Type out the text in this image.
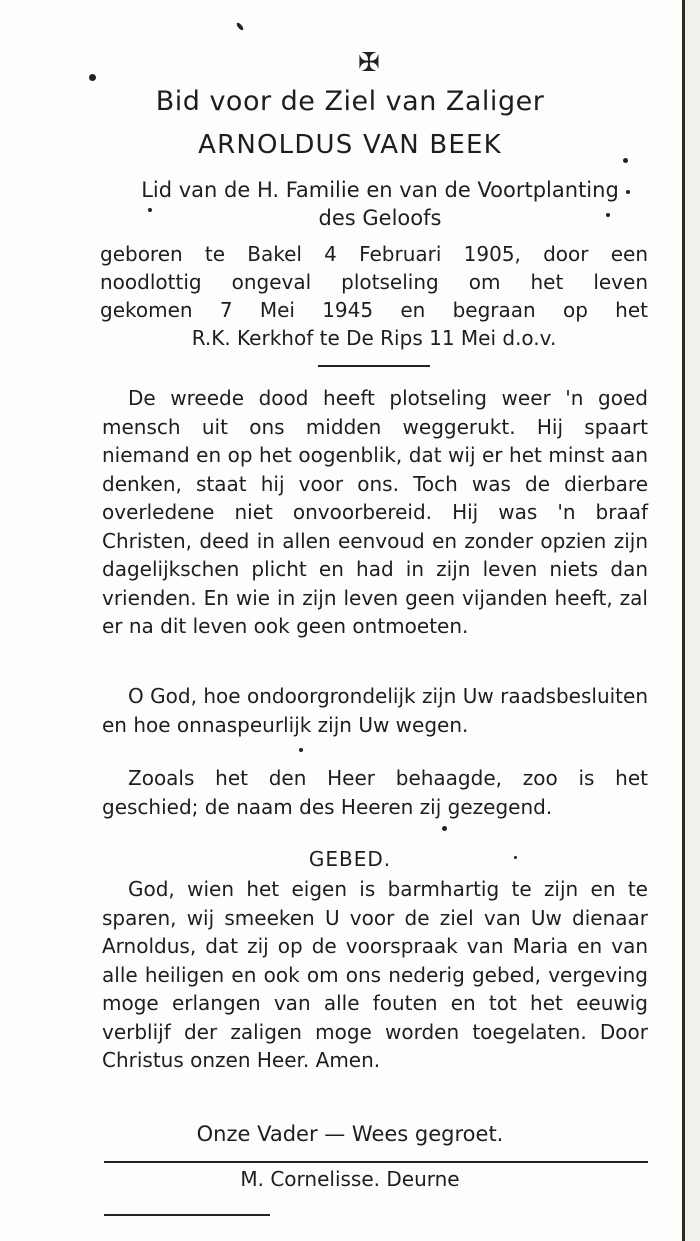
✠
Bid voor de Ziel van Zaliger
ARNOLDUS VAN BEEK
Lid van de H. Familie en van de Voortplanting des Geloofs
geboren te Bakel 4 Februari 1905, door een
noodlottig ongeval plotseling om het leven
gekomen 7 Mei 1945 en begraan op het
R.K. Kerkhof te De Rips 11 Mei d.o.v.

De wreede dood heeft plotseling weer 'n goed mensch uit ons midden weggerukt. Hij spaart niemand en op het oogenblik, dat wij er het minst aan denken, staat hij voor ons. Toch was de dierbare overledene niet onvoorbereid. Hij was 'n braaf Christen, deed in allen eenvoud en zonder opzien zijn dagelijkschen plicht en had in zijn leven niets dan vrienden. En wie in zijn leven geen vijanden heeft, zal er na dit leven ook geen ontmoeten.

O God, hoe ondoorgrondelijk zijn Uw raadsbesluiten en hoe onnaspeurlijk zijn Uw wegen.

Zooals het den Heer behaagde, zoo is het geschied; de naam des Heeren zij gezegend.

GEBED.

God, wien het eigen is barmhartig te zijn en te sparen, wij smeeken U voor de ziel van Uw dienaar Arnoldus, dat zij op de voorspraak van Maria en van alle heiligen en ook om ons nederig gebed, vergeving moge erlangen van alle fouten en tot het eeuwig verblijf der zaligen moge worden toegelaten. Door Christus onzen Heer. Amen.

Onze Vader — Wees gegroet.
M. Cornelisse. Deurne
